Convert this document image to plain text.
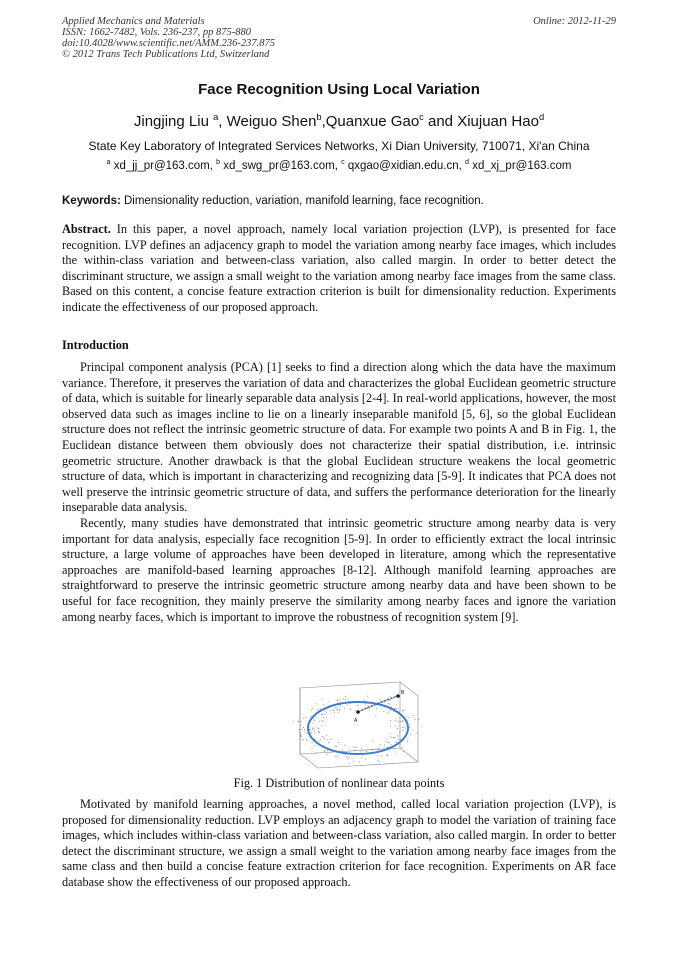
Applied Mechanics and Materials
ISSN: 1662-7482, Vols. 236-237, pp 875-880
doi:10.4028/www.scientific.net/AMM.236-237.875
© 2012 Trans Tech Publications Ltd, Switzerland
Online: 2012-11-29
Face Recognition Using Local Variation
Jingjing Liu $^a$, Weiguo Shen$^b$,Quanxue Gao$^c$ and Xiujuan Hao$^d$
State Key Laboratory of Integrated Services Networks, Xi Dian University, 710071, Xi'an China
$^a$ xd_jj_pr@163.com, $^b$ xd_swg_pr@163.com, $^c$ qxgao@xidian.edu.cn, $^d$ xd_xj_pr@163.com
Keywords: Dimensionality reduction, variation, manifold learning, face recognition.

Abstract. In this paper, a novel approach, namely local variation projection (LVP), is presented for face recognition. LVP defines an adjacency graph to model the variation among nearby face images, which includes the within-class variation and between-class variation, also called margin. In order to better detect the discriminant structure, we assign a small weight to the variation among nearby face images from the same class. Based on this content, a concise feature extraction criterion is built for dimensionality reduction. Experiments indicate the effectiveness of our proposed approach.

Introduction

Principal component analysis (PCA) [1] seeks to find a direction along which the data have the maximum variance. Therefore, it preserves the variation of data and characterizes the global Euclidean geometric structure of data, which is suitable for linearly separable data analysis [2-4]. In real-world applications, however, the most observed data such as images incline to lie on a linearly inseparable manifold [5, 6], so the global Euclidean structure does not reflect the intrinsic geometric structure of data. For example two points A and B in Fig. 1, the Euclidean distance between them obviously does not characterize their spatial distribution, i.e. intrinsic geometric structure. Another drawback is that the global Euclidean structure weakens the local geometric structure of data, which is important in characterizing and recognizing data [5-9]. It indicates that PCA does not well preserve the intrinsic geometric structure of data, and suffers the performance deterioration for the linearly inseparable data analysis.

Recently, many studies have demonstrated that intrinsic geometric structure among nearby data is very important for data analysis, especially face recognition [5-9]. In order to efficiently extract the local intrinsic structure, a large volume of approaches have been developed in literature, among which the representative approaches are manifold-based learning approaches [8-12]. Although manifold learning approaches are straightforward to preserve the intrinsic geometric structure among nearby data and have been shown to be useful for face recognition, they mainly preserve the similarity among nearby faces and ignore the variation among nearby faces, which is important to improve the robustness of recognition system [9].

A
B
Fig. 1 Distribution of nonlinear data points

Motivated by manifold learning approaches, a novel method, called local variation projection (LVP), is proposed for dimensionality reduction. LVP employs an adjacency graph to model the variation of training face images, which includes within-class variation and between-class variation, also called margin. In order to better detect the discriminant structure, we assign a small weight to the variation among nearby face images from the same class and then build a concise feature extraction criterion for face recognition. Experiments on AR face database show the effectiveness of our proposed approach.
